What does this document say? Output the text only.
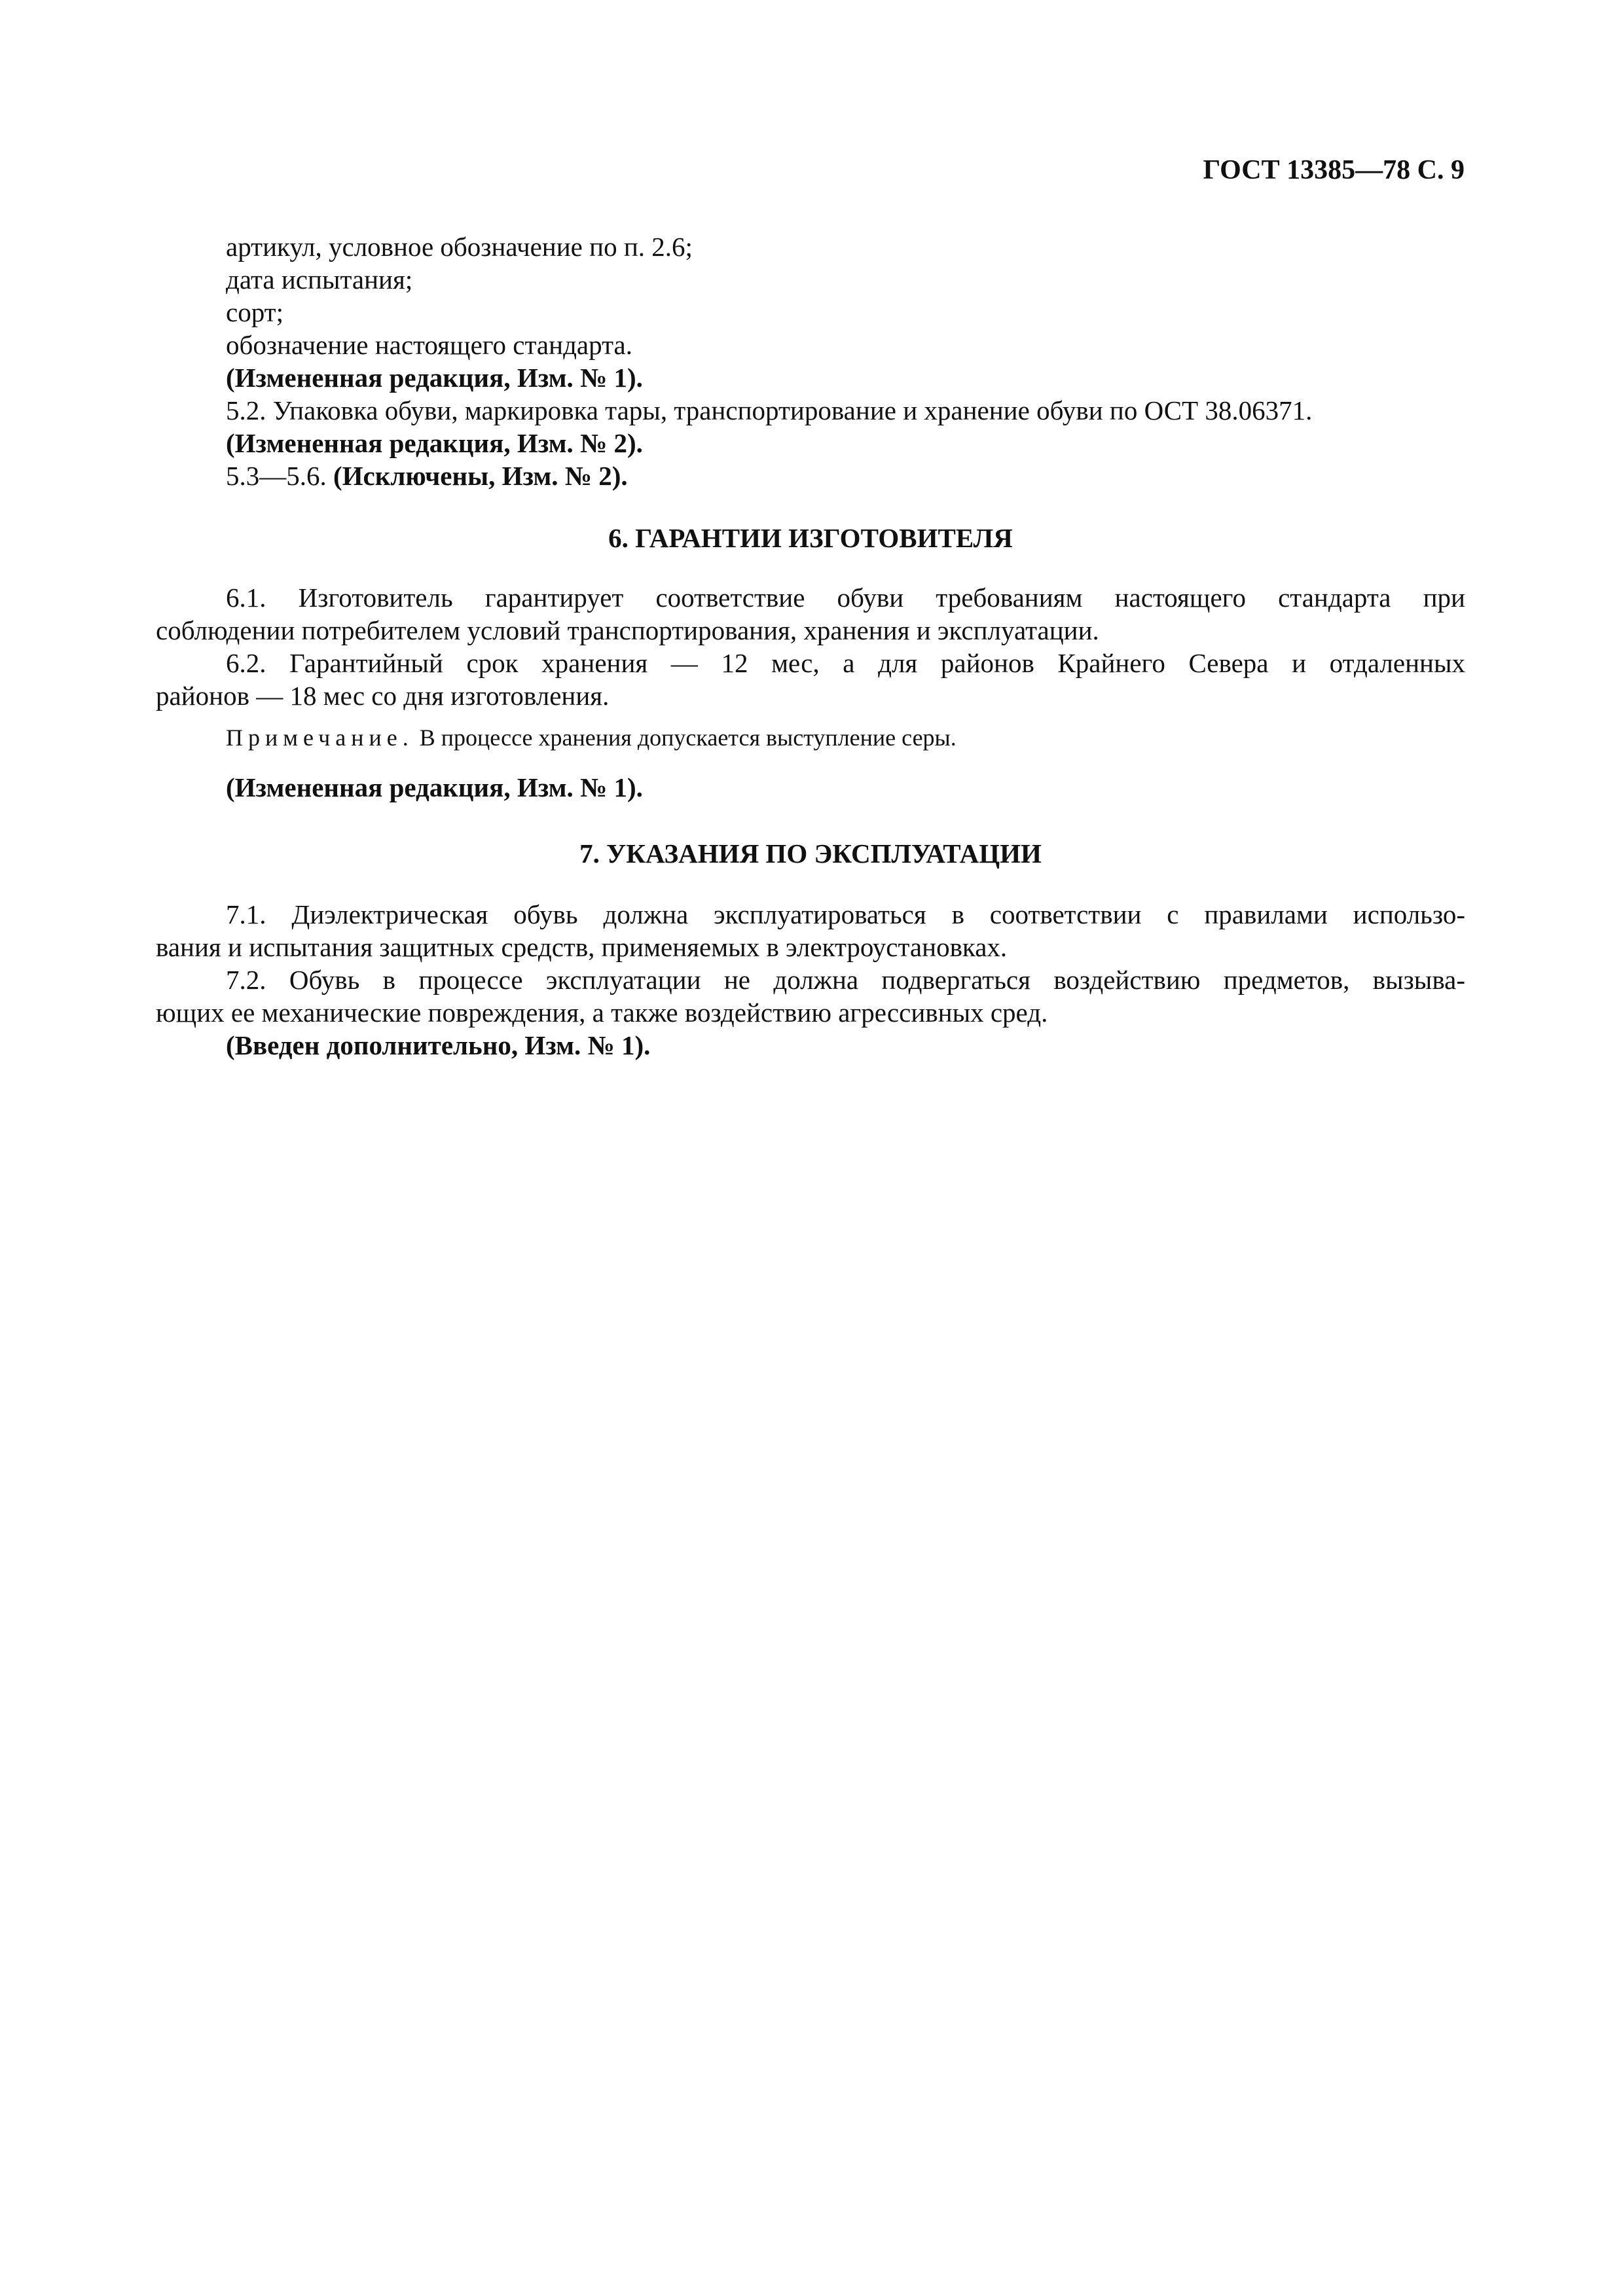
ГОСТ 13385—78 С. 9
артикул, условное обозначение по п. 2.6;
дата испытания;
сорт;
обозначение настоящего стандарта.
(Измененная редакция, Изм. № 1).
5.2. Упаковка обуви, маркировка тары, транспортирование и хранение обуви по ОСТ 38.06371.
(Измененная редакция, Изм. № 2).
5.3—5.6. (Исключены, Изм. № 2).
6. ГАРАНТИИ ИЗГОТОВИТЕЛЯ
6.1. Изготовитель гарантирует соответствие обуви требованиям настоящего стандарта при
соблюдении потребителем условий транспортирования, хранения и эксплуатации.
6.2. Гарантийный срок хранения — 12 мес, а для районов Крайнего Севера и отдаленных
районов — 18 мес со дня изготовления.
Примечание. В процессе хранения допускается выступление серы.
(Измененная редакция, Изм. № 1).
7. УКАЗАНИЯ ПО ЭКСПЛУАТАЦИИ
7.1. Диэлектрическая обувь должна эксплуатироваться в соответствии с правилами использо-
вания и испытания защитных средств, применяемых в электроустановках.
7.2. Обувь в процессе эксплуатации не должна подвергаться воздействию предметов, вызыва-
ющих ее механические повреждения, а также воздействию агрессивных сред.
(Введен дополнительно, Изм. № 1).
